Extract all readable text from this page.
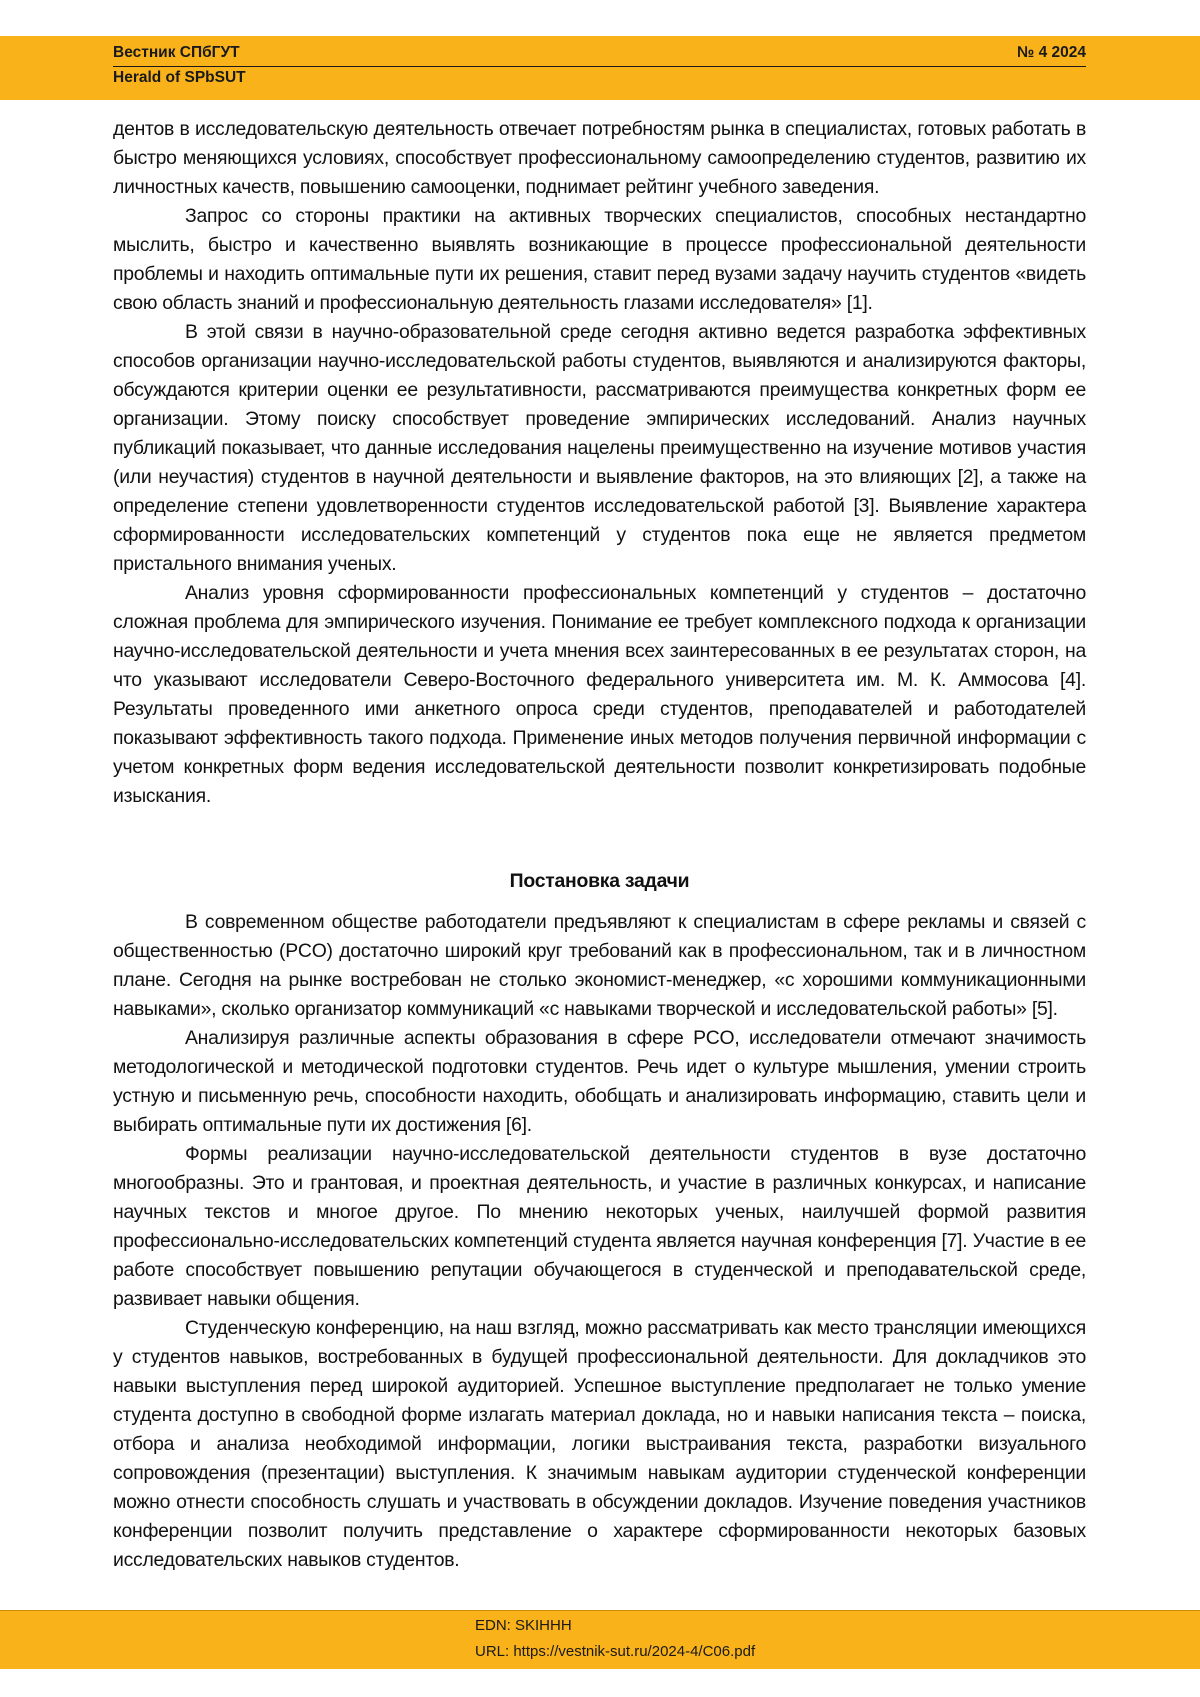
Вестник СПбГУТ	№ 4 2024
Herald of SPbSUT

дентов в исследовательскую деятельность отвечает потребностям рынка в специалистах, готовых работать в быстро меняющихся условиях, способствует профессиональному самоопределению студентов, развитию их личностных качеств, повышению самооценки, поднимает рейтинг учебного заведения.

Запрос со стороны практики на активных творческих специалистов, способных нестандартно мыслить, быстро и качественно выявлять возникающие в процессе профессиональной деятельности проблемы и находить оптимальные пути их решения, ставит перед вузами задачу научить студентов «видеть свою область знаний и профессиональную деятельность глазами исследователя» [1].

В этой связи в научно-образовательной среде сегодня активно ведется разработка эффективных способов организации научно-исследовательской работы студентов, выявляются и анализируются факторы, обсуждаются критерии оценки ее результативности, рассматриваются преимущества конкретных форм ее организации. Этому поиску способствует проведение эмпирических исследований. Анализ научных публикаций показывает, что данные исследования нацелены преимущественно на изучение мотивов участия (или неучастия) студентов в научной деятельности и выявление факторов, на это влияющих [2], а также на определение степени удовлетворенности студентов исследовательской работой [3]. Выявление характера сформированности исследовательских компетенций у студентов пока еще не является предметом пристального внимания ученых.

Анализ уровня сформированности профессиональных компетенций у студентов – достаточно сложная проблема для эмпирического изучения. Понимание ее требует комплексного подхода к организации научно-исследовательской деятельности и учета мнения всех заинтересованных в ее результатах сторон, на что указывают исследователи Северо-Восточного федерального университета им. М. К. Аммосова [4]. Результаты проведенного ими анкетного опроса среди студентов, преподавателей и работодателей показывают эффективность такого подхода. Применение иных методов получения первичной информации с учетом конкретных форм ведения исследовательской деятельности позволит конкретизировать подобные изыскания.

Постановка задачи

В современном обществе работодатели предъявляют к специалистам в сфере рекламы и связей с общественностью (PCO) достаточно широкий круг требований как в профессиональном, так и в личностном плане. Сегодня на рынке востребован не столько экономист-менеджер, «с хорошими коммуникационными навыками», сколько организатор коммуникаций «с навыками творческой и исследовательской работы» [5].

Анализируя различные аспекты образования в сфере PCO, исследователи отмечают значимость методологической и методической подготовки студентов. Речь идет о культуре мышления, умении строить устную и письменную речь, способности находить, обобщать и анализировать информацию, ставить цели и выбирать оптимальные пути их достижения [6].

Формы реализации научно-исследовательской деятельности студентов в вузе достаточно многообразны. Это и грантовая, и проектная деятельность, и участие в различных конкурсах, и написание научных текстов и многое другое. По мнению некоторых ученых, наилучшей формой развития профессионально-исследовательских компетенций студента является научная конференция [7]. Участие в ее работе способствует повышению репутации обучающегося в студенческой и преподавательской среде, развивает навыки общения.

Студенческую конференцию, на наш взгляд, можно рассматривать как место трансляции имеющихся у студентов навыков, востребованных в будущей профессиональной деятельности. Для докладчиков это навыки выступления перед широкой аудиторией. Успешное выступление предполагает не только умение студента доступно в свободной форме излагать материал доклада, но и навыки написания текста – поиска, отбора и анализа необходимой информации, логики выстраивания текста, разработки визуального сопровождения (презентации) выступления. К значимым навыкам аудитории студенческой конференции можно отнести способность слушать и участвовать в обсуждении докладов. Изучение поведения участников конференции позволит получить представление о характере сформированности некоторых базовых исследовательских навыков студентов.

EDN: SKIHHH
URL: https://vestnik-sut.ru/2024-4/C06.pdf
